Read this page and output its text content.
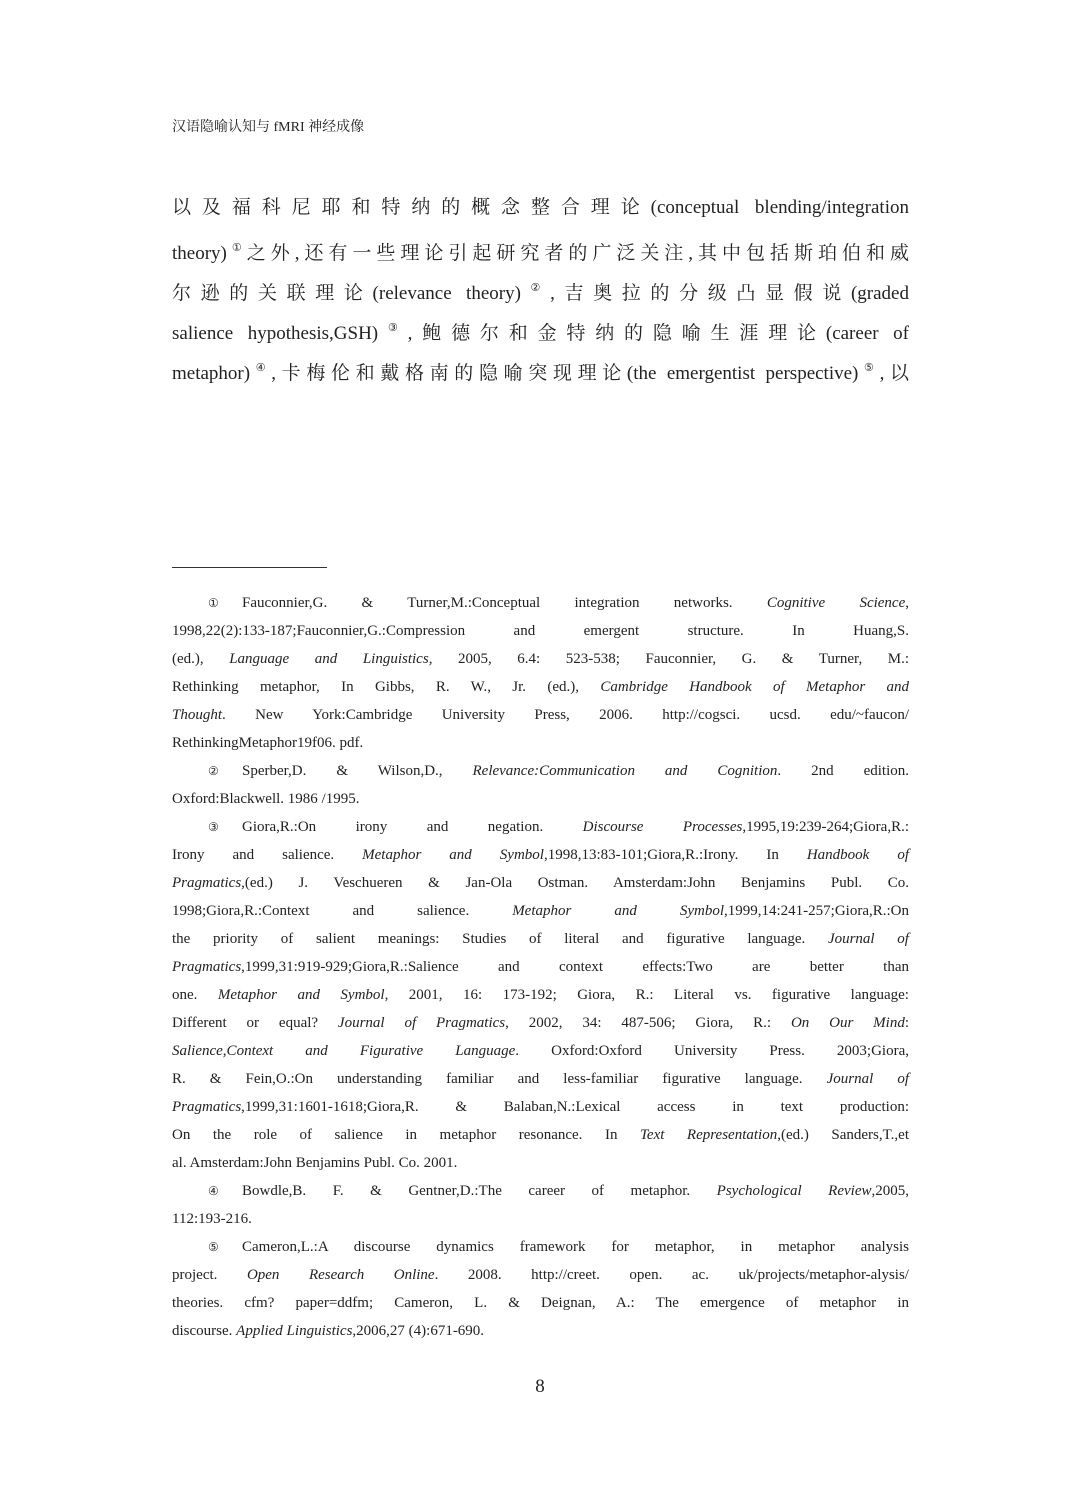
汉语隐喻认知与 fMRI 神经成像
以及福科尼耶和特纳的概念整合理论(conceptual blending/integration
theory)①之外,还有一些理论引起研究者的广泛关注,其中包括斯珀伯和威
尔逊的关联理论(relevance theory)②,吉奥拉的分级凸显假说(graded
salience hypothesis,GSH)③,鲍德尔和金特纳的隐喻生涯理论(career of
metaphor)④,卡梅伦和戴格南的隐喻突现理论(the emergentist perspective)⑤,以
① Fauconnier,G. & Turner,M.:Conceptual integration networks. Cognitive Science,
1998,22(2):133-187;Fauconnier,G.:Compression and emergent structure. In Huang,S.
(ed.), Language and Linguistics, 2005, 6.4: 523-538; Fauconnier, G. & Turner, M.:
Rethinking metaphor, In Gibbs, R. W., Jr. (ed.), Cambridge Handbook of Metaphor and
Thought. New York:Cambridge University Press, 2006. http://cogsci. ucsd. edu/~faucon/
RethinkingMetaphor19f06. pdf.
② Sperber,D. & Wilson,D., Relevance:Communication and Cognition. 2nd edition.
Oxford:Blackwell. 1986 /1995.
③ Giora,R.:On irony and negation. Discourse Processes,1995,19:239-264;Giora,R.:
Irony and salience. Metaphor and Symbol,1998,13:83-101;Giora,R.:Irony. In Handbook of
Pragmatics,(ed.) J. Veschueren & Jan-Ola Ostman. Amsterdam:John Benjamins Publ. Co.
1998;Giora,R.:Context and salience. Metaphor and Symbol,1999,14:241-257;Giora,R.:On
the priority of salient meanings: Studies of literal and figurative language. Journal of
Pragmatics,1999,31:919-929;Giora,R.:Salience and context effects:Two are better than
one. Metaphor and Symbol, 2001, 16: 173-192; Giora, R.: Literal vs. figurative language:
Different or equal? Journal of Pragmatics, 2002, 34: 487-506; Giora, R.: On Our Mind:
Salience,Context and Figurative Language. Oxford:Oxford University Press. 2003;Giora,
R. & Fein,O.:On understanding familiar and less-familiar figurative language. Journal of
Pragmatics,1999,31:1601-1618;Giora,R. & Balaban,N.:Lexical access in text production:
On the role of salience in metaphor resonance. In Text Representation,(ed.) Sanders,T.,et
al. Amsterdam:John Benjamins Publ. Co. 2001.
④ Bowdle,B. F. & Gentner,D.:The career of metaphor. Psychological Review,2005,
112:193-216.
⑤ Cameron,L.:A discourse dynamics framework for metaphor, in metaphor analysis
project. Open Research Online. 2008. http://creet. open. ac. uk/projects/metaphor-alysis/
theories. cfm? paper=ddfm; Cameron, L. & Deignan, A.: The emergence of metaphor in
discourse. Applied Linguistics,2006,27 (4):671-690.
8
